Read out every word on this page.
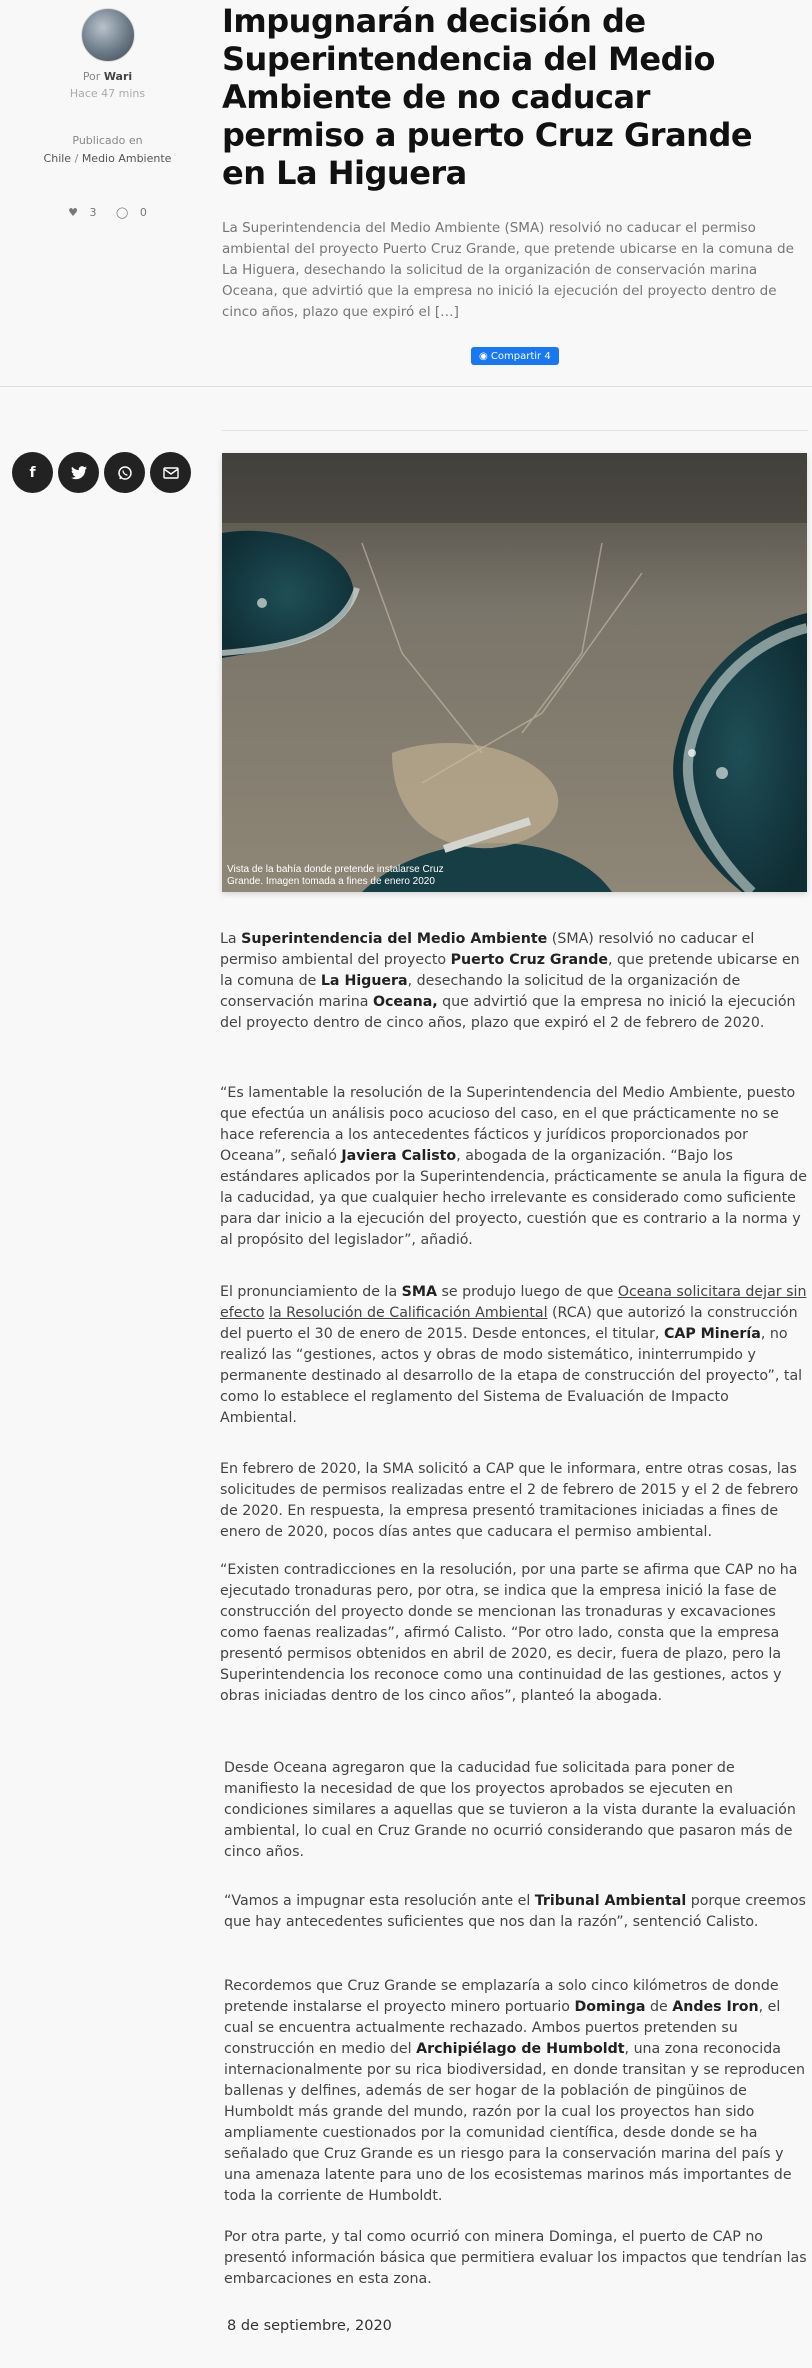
Por Wari
Hace 47 mins
Publicado en
Chile / Medio Ambiente
♥ 3 ◯ 0
Impugnarán decisión de Superintendencia del Medio Ambiente de no caducar permiso a puerto Cruz Grande en La Higuera

La Superintendencia del Medio Ambiente (SMA) resolvió no caducar el permiso ambiental del proyecto Puerto Cruz Grande, que pretende ubicarse en la comuna de La Higuera, desechando la solicitud de la organización de conservación marina Oceana, que advirtió que la empresa no inició la ejecución del proyecto dentro de cinco años, plazo que expiró el […]

◉ Compartir 4
f
Vista de la bahía donde pretende instalarse Cruz Grande. Imagen tomada a fines de enero 2020

La Superintendencia del Medio Ambiente (SMA) resolvió no caducar el permiso ambiental del proyecto Puerto Cruz Grande, que pretende ubicarse en la comuna de La Higuera, desechando la solicitud de la organización de conservación marina Oceana, que advirtió que la empresa no inició la ejecución del proyecto dentro de cinco años, plazo que expiró el 2 de febrero de 2020.

“Es lamentable la resolución de la Superintendencia del Medio Ambiente, puesto que efectúa un análisis poco acucioso del caso, en el que prácticamente no se hace referencia a los antecedentes fácticos y jurídicos proporcionados por Oceana”, señaló Javiera Calisto, abogada de la organización. “Bajo los estándares aplicados por la Superintendencia, prácticamente se anula la figura de la caducidad, ya que cualquier hecho irrelevante es considerado como suficiente para dar inicio a la ejecución del proyecto, cuestión que es contrario a la norma y al propósito del legislador”, añadió.

El pronunciamiento de la SMA se produjo luego de que Oceana solicitara dejar sin efecto la Resolución de Calificación Ambiental (RCA) que autorizó la construcción del puerto el 30 de enero de 2015. Desde entonces, el titular, CAP Minería, no realizó las “gestiones, actos y obras de modo sistemático, ininterrumpido y permanente destinado al desarrollo de la etapa de construcción del proyecto”, tal como lo establece el reglamento del Sistema de Evaluación de Impacto Ambiental.

En febrero de 2020, la SMA solicitó a CAP que le informara, entre otras cosas, las solicitudes de permisos realizadas entre el 2 de febrero de 2015 y el 2 de febrero de 2020. En respuesta, la empresa presentó tramitaciones iniciadas a fines de enero de 2020, pocos días antes que caducara el permiso ambiental.

“Existen contradicciones en la resolución, por una parte se afirma que CAP no ha ejecutado tronaduras pero, por otra, se indica que la empresa inició la fase de construcción del proyecto donde se mencionan las tronaduras y excavaciones como faenas realizadas”, afirmó Calisto. “Por otro lado, consta que la empresa presentó permisos obtenidos en abril de 2020, es decir, fuera de plazo, pero la Superintendencia los reconoce como una continuidad de las gestiones, actos y obras iniciadas dentro de los cinco años”, planteó la abogada.

Desde Oceana agregaron que la caducidad fue solicitada para poner de manifiesto la necesidad de que los proyectos aprobados se ejecuten en condiciones similares a aquellas que se tuvieron a la vista durante la evaluación ambiental, lo cual en Cruz Grande no ocurrió considerando que pasaron más de cinco años.

“Vamos a impugnar esta resolución ante el Tribunal Ambiental porque creemos que hay antecedentes suficientes que nos dan la razón”, sentenció Calisto.

Recordemos que Cruz Grande se emplazaría a solo cinco kilómetros de donde pretende instalarse el proyecto minero portuario Dominga de Andes Iron, el cual se encuentra actualmente rechazado. Ambos puertos pretenden su construcción en medio del Archipiélago de Humboldt, una zona reconocida internacionalmente por su rica biodiversidad, en donde transitan y se reproducen ballenas y delfines, además de ser hogar de la población de pingüinos de Humboldt más grande del mundo, razón por la cual los proyectos han sido ampliamente cuestionados por la comunidad científica, desde donde se ha señalado que Cruz Grande es un riesgo para la conservación marina del país y una amenaza latente para uno de los ecosistemas marinos más importantes de toda la corriente de Humboldt.

Por otra parte, y tal como ocurrió con minera Dominga, el puerto de CAP no presentó información básica que permitiera evaluar los impactos que tendrían las embarcaciones en esta zona.

8 de septiembre, 2020
